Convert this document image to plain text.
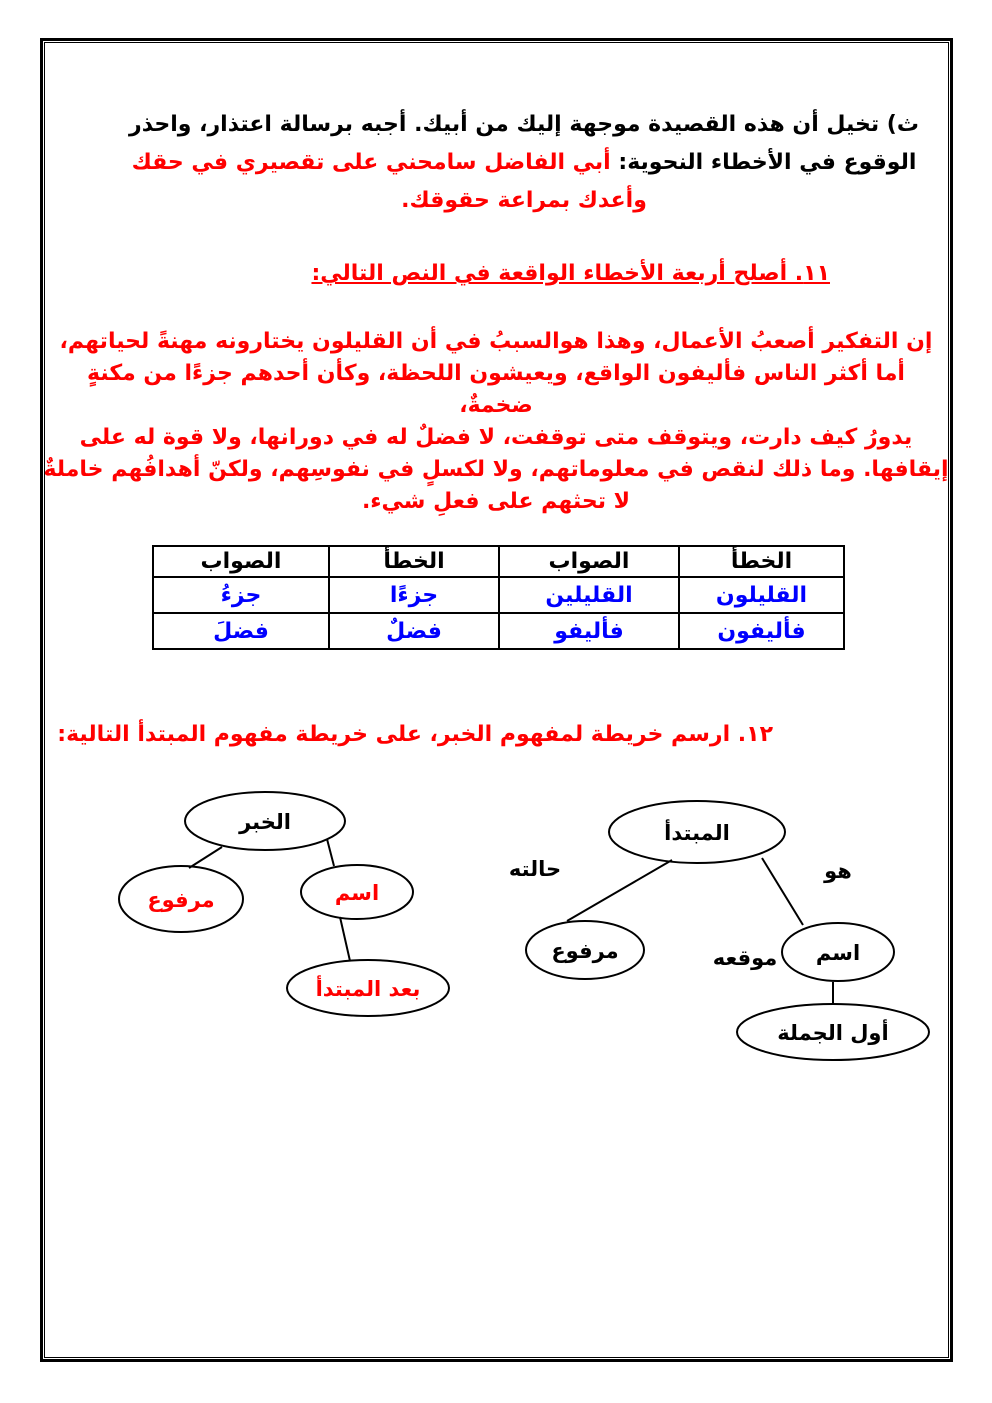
ث) تخيل أن هذه القصيدة موجهة إليك من أبيك. أجبه برسالة اعتذار، واحذر
الوقوع في الأخطاء النحوية: أبي الفاضل سامحني على تقصيري في حقك
وأعدك بمراعة حقوقك.
١١. أصلح أربعة الأخطاء الواقعة في النص التالي:
إن التفكير أصعبُ الأعمال، وهذا هوالسببُ في أن القليلون يختارونه مهنةً لحياتهم،
أما أكثر الناس فأليفون الواقع، ويعيشون اللحظة، وكأن أحدهم جزءًا من مكنةٍ
ضخمةٌ،
يدورُ كيف دارت، ويتوقف متى توقفت، لا فضلٌ له في دورانها، ولا قوة له على
إيقافها. وما ذلك لنقص في معلوماتهم، ولا لكسلٍ في نفوسِهم، ولكنّ أهدافُهم خاملةٌ
لا تحثهم على فعلِ شيء.
الخطأ	الصواب	الخطأ	الصواب
القليلون	القليلين	جزءًا	جزءُ
فأليفون	فأليفو	فضلٌ	فضلَ
١٢. ارسم خريطة لمفهوم الخبر، على خريطة مفهوم المبتدأ التالية:
الخبر
مرفوع	اسم
بعد المبتدأ
المبتدأ
حالته	هو
موقعه
مرفوع	اسم
أول الجملة
